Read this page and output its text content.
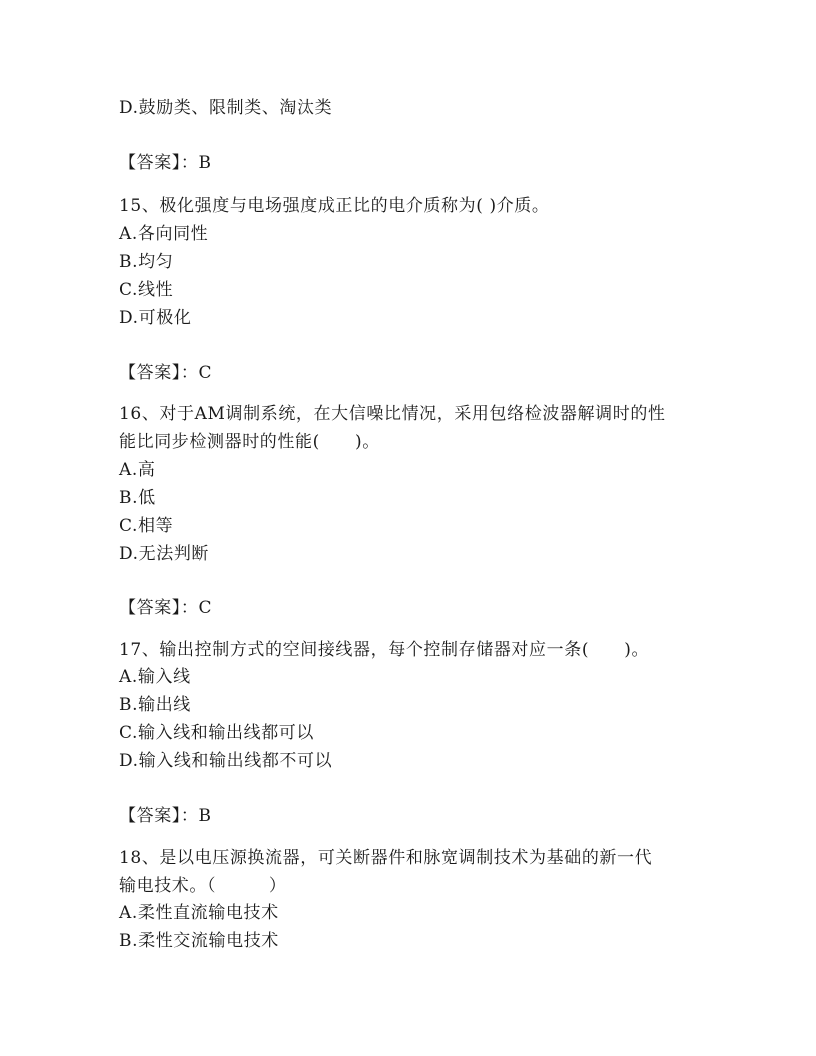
D.鼓励类、限制类、淘汰类
【答案】：B
15、极化强度与电场强度成正比的电介质称为( )介质。
A.各向同性
B.均匀
C.线性
D.可极化
【答案】：C
16、对于AM调制系统，在大信噪比情况，采用包络检波器解调时的性
能比同步检测器时的性能(　　)。
A.高
B.低
C.相等
D.无法判断
【答案】：C
17、输出控制方式的空间接线器，每个控制存储器对应一条(　　)。
A.输入线
B.输出线
C.输入线和输出线都可以
D.输入线和输出线都不可以
【答案】：B
18、是以电压源换流器，可关断器件和脉宽调制技术为基础的新一代
输电技术。（　　　）
A.柔性直流输电技术
B.柔性交流输电技术
